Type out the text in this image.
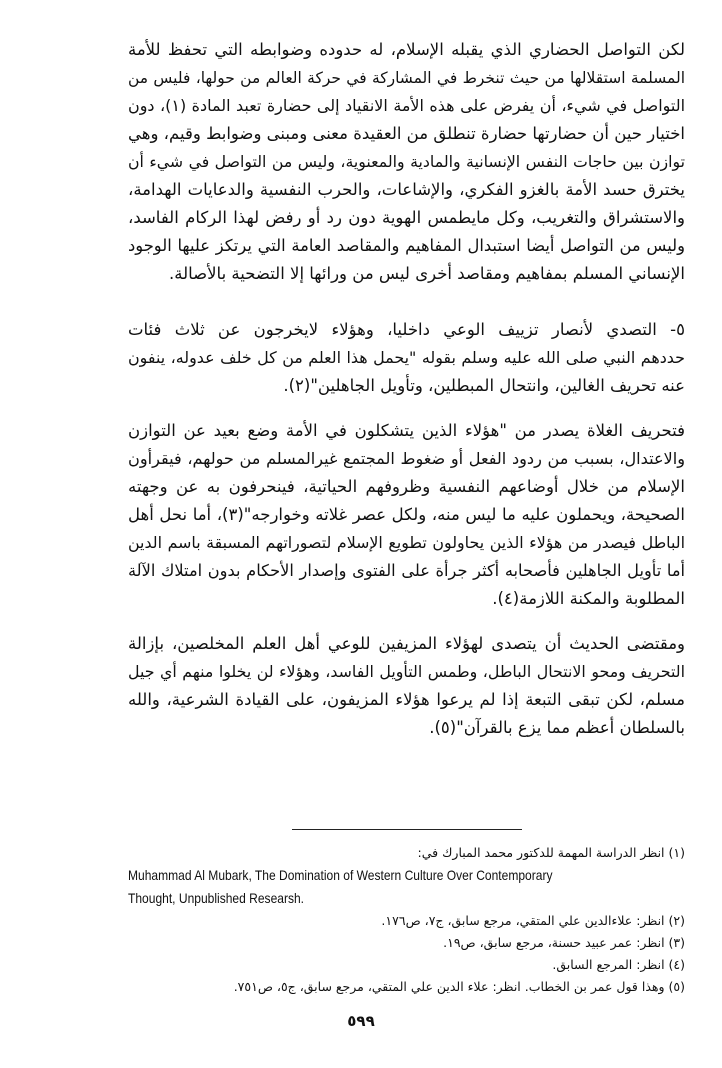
لكن التواصل الحضاري الذي يقبله الإسلام، له حدوده وضوابطه التي تحفظ للأمة
المسلمة استقلالها من حيث تنخرط في المشاركة في حركة العالم من حولها، فليس من
التواصل في شيء، أن يفرض على هذه الأمة الانقياد إلى حضارة تعبد المادة (١)، دون
اختيار حين أن حضارتها حضارة تنطلق من العقيدة معنى ومبنى وضوابط وقيم، وهي
توازن بين حاجات النفس الإنسانية والمادية والمعنوية، وليس من التواصل في شيء أن
يخترق حسد الأمة بالغزو الفكري، والإشاعات، والحرب النفسية والدعايات الهدامة،
والاستشراق والتغريب، وكل مايطمس الهوية دون رد أو رفض لهذا الركام الفاسد،
وليس من التواصل أيضا استبدال المفاهيم والمقاصد العامة التي يرتكز عليها الوجود
الإنساني المسلم بمفاهيم ومقاصد أخرى ليس من ورائها إلا التضحية بالأصالة.
٥- التصدي لأنصار تزييف الوعي داخليا، وهؤلاء لايخرجون عن ثلاث فئات
حددهم النبي صلى الله عليه وسلم بقوله "يحمل هذا العلم من كل خلف عدوله، ينفون
عنه تحريف الغالين، وانتحال المبطلين، وتأويل الجاهلين"(٢).
فتحريف الغلاة يصدر من "هؤلاء الذين يتشكلون في الأمة وضع بعيد عن التوازن
والاعتدال، بسبب من ردود الفعل أو ضغوط المجتمع غيرالمسلم من حولهم، فيقرأون
الإسلام من خلال أوضاعهم النفسية وظروفهم الحياتية، فينحرفون به عن وجهته
الصحيحة، ويحملون عليه ما ليس منه، ولكل عصر غلاته وخوارجه"(٣)، أما نحل أهل
الباطل فيصدر من هؤلاء الذين يحاولون تطويع الإسلام لتصوراتهم المسبقة باسم الدين
أما تأويل الجاهلين فأصحابه أكثر جرأة على الفتوى وإصدار الأحكام بدون امتلاك الآلة
المطلوبة والمكنة اللازمة(٤).
ومقتضى الحديث أن يتصدى لهؤلاء المزيفين للوعي أهل العلم المخلصين، بإزالة
التحريف ومحو الانتحال الباطل، وطمس التأويل الفاسد، وهؤلاء لن يخلوا منهم أي جيل
مسلم، لكن تبقى التبعة إذا لم يرعوا هؤلاء المزيفون، على القيادة الشرعية، والله
بالسلطان أعظم مما يزع بالقرآن"(٥).
(١) انظر الدراسة المهمة للدكتور محمد المبارك في:
Muhammad Al Mubark, The Domination of Western Culture Over Contemporary
Thought, Unpublished Researsh.
(٢) انظر: علاءالدين علي المتقي، مرجع سابق، ج٧، ص١٧٦.
(٣) انظر: عمر عبيد حسنة، مرجع سابق، ص١٩.
(٤) انظر: المرجع السابق.
(٥) وهذا قول عمر بن الخطاب. انظر: علاء الدين علي المتقي، مرجع سابق، ج٥، ص٧٥١.
٥٩٩
